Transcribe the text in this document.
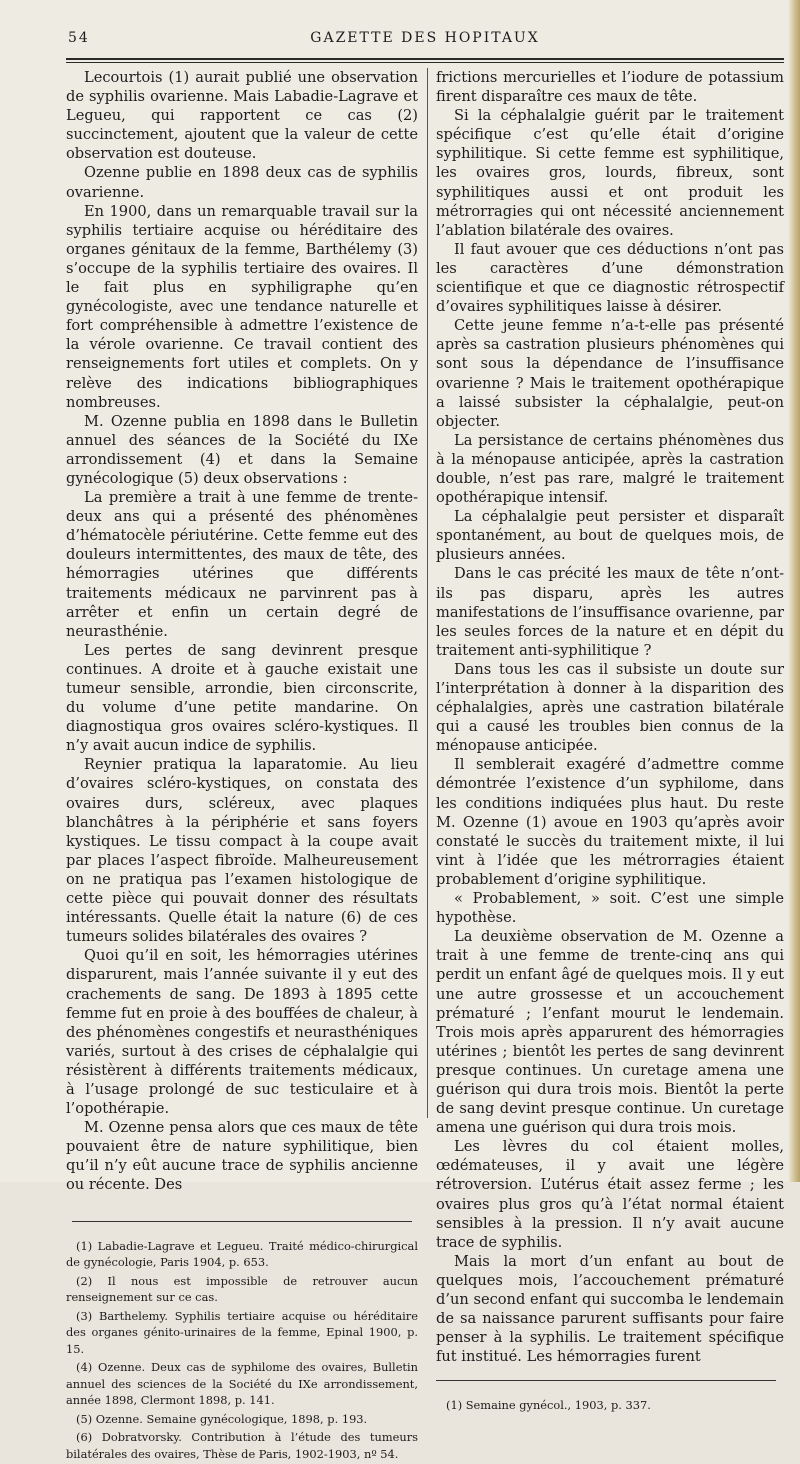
54	GAZETTE DES HOPITAUX

Lecourtois (1) aurait publié une observation de syphilis ovarienne. Mais Labadie-Lagrave et Legueu, qui rapportent ce cas (2) succinctement, ajoutent que la valeur de cette observation est douteuse.

Ozenne publie en 1898 deux cas de syphilis ovarienne.

En 1900, dans un remarquable travail sur la syphilis tertiaire acquise ou héréditaire des organes génitaux de la femme, Barthélemy (3) s’occupe de la syphilis tertiaire des ovaires. Il le fait plus en syphiligraphe qu’en gynécologiste, avec une tendance naturelle et fort compréhensible à admettre l’existence de la vérole ovarienne. Ce travail contient des renseignements fort utiles et complets. On y relève des indications bibliographiques nombreuses.

M. Ozenne publia en 1898 dans le Bulletin annuel des séances de la Société du IXe arrondissement (4) et dans la Semaine gynécologique (5) deux observations :

La première a trait à une femme de trente-deux ans qui a présenté des phénomènes d’hématocèle périutérine. Cette femme eut des douleurs intermittentes, des maux de tête, des hémorragies utérines que différents traitements médicaux ne parvinrent pas à arrêter et enfin un certain degré de neurasthénie.

Les pertes de sang devinrent presque continues. A droite et à gauche existait une tumeur sensible, arrondie, bien circonscrite, du volume d’une petite mandarine. On diagnostiqua gros ovaires scléro-kystiques. Il n’y avait aucun indice de syphilis.

Reynier pratiqua la laparatomie. Au lieu d’ovaires scléro-kystiques, on constata des ovaires durs, scléreux, avec plaques blanchâtres à la périphérie et sans foyers kystiques. Le tissu compact à la coupe avait par places l’aspect fibroïde. Malheureusement on ne pratiqua pas l’examen histologique de cette pièce qui pouvait donner des résultats intéressants. Quelle était la nature (6) de ces tumeurs solides bilatérales des ovaires ?

Quoi qu’il en soit, les hémorragies utérines disparurent, mais l’année suivante il y eut des crachements de sang. De 1893 à 1895 cette femme fut en proie à des bouffées de chaleur, à des phénomènes congestifs et neurasthéniques variés, surtout à des crises de céphalalgie qui résistèrent à différents traitements médicaux, à l’usage prolongé de suc testiculaire et à l’opothérapie.

M. Ozenne pensa alors que ces maux de tête pouvaient être de nature syphilitique, bien qu’il n’y eût aucune trace de syphilis ancienne ou récente. Des

(1) Labadie-Lagrave et Legueu. Traité médico-chirurgical de gynécologie, Paris 1904, p. 653.

(2) Il nous est impossible de retrouver aucun renseignement sur ce cas.

(3) Barthelemy. Syphilis tertiaire acquise ou héréditaire des organes génito-urinaires de la femme, Epinal 1900, p. 15.

(4) Ozenne. Deux cas de syphilome des ovaires, Bulletin annuel des sciences de la Société du IXe arrondissement, année 1898, Clermont 1898, p. 141.

(5) Ozenne. Semaine gynécologique, 1898, p. 193.

(6) Dobratvorsky. Contribution à l’étude des tumeurs bilatérales des ovaires, Thèse de Paris, 1902-1903, nº 54.

frictions mercurielles et l’iodure de potassium firent disparaître ces maux de tête.

Si la céphalalgie guérit par le traitement spécifique c’est qu’elle était d’origine syphilitique. Si cette femme est syphilitique, les ovaires gros, lourds, fibreux, sont syphilitiques aussi et ont produit les métrorragies qui ont nécessité anciennement l’ablation bilatérale des ovaires.

Il faut avouer que ces déductions n’ont pas les caractères d’une démonstration scientifique et que ce diagnostic rétrospectif d’ovaires syphilitiques laisse à désirer.

Cette jeune femme n’a-t-elle pas présenté après sa castration plusieurs phénomènes qui sont sous la dépendance de l’insuffisance ovarienne ? Mais le traitement opothérapique a laissé subsister la céphalalgie, peut-on objecter.

La persistance de certains phénomènes dus à la ménopause anticipée, après la castration double, n’est pas rare, malgré le traitement opothérapique intensif.

La céphalalgie peut persister et disparaît spontanément, au bout de quelques mois, de plusieurs années.

Dans le cas précité les maux de tête n’ont-ils pas disparu, après les autres manifestations de l’insuffisance ovarienne, par les seules forces de la nature et en dépit du traitement anti-syphilitique ?

Dans tous les cas il subsiste un doute sur l’interprétation à donner à la disparition des céphalalgies, après une castration bilatérale qui a causé les troubles bien connus de la ménopause anticipée.

Il semblerait exagéré d’admettre comme démontrée l’existence d’un syphilome, dans les conditions indiquées plus haut. Du reste M. Ozenne (1) avoue en 1903 qu’après avoir constaté le succès du traitement mixte, il lui vint à l’idée que les métrorragies étaient probablement d’origine syphilitique.

« Probablement, » soit. C’est une simple hypothèse.

La deuxième observation de M. Ozenne a trait à une femme de trente-cinq ans qui perdit un enfant âgé de quelques mois. Il y eut une autre grossesse et un accouchement prématuré ; l’enfant mourut le lendemain. Trois mois après apparurent des hémorragies utérines ; bientôt les pertes de sang devinrent presque continues. Un curetage amena une guérison qui dura trois mois. Bientôt la perte de sang devint presque continue. Un curetage amena une guérison qui dura trois mois.

Les lèvres du col étaient molles, œdémateuses, il y avait une légère rétroversion. L’utérus était assez ferme ; les ovaires plus gros qu’à l’état normal étaient sensibles à la pression. Il n’y avait aucune trace de syphilis.

Mais la mort d’un enfant au bout de quelques mois, l’accouchement prématuré d’un second enfant qui succomba le lendemain de sa naissance parurent suffisants pour faire penser à la syphilis. Le traitement spécifique fut institué. Les hémorragies furent

(1) Semaine gynécol., 1903, p. 337.
